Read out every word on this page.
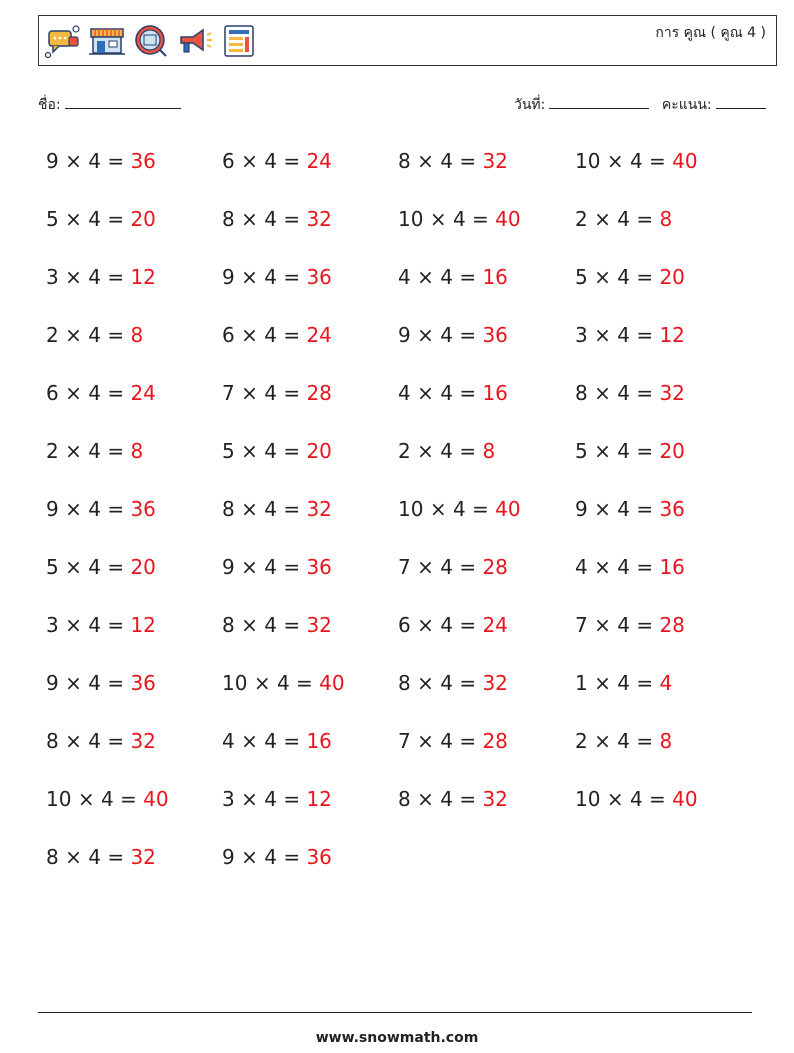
การ คูณ ( คูณ 4 )
ชื่อ:	วันที่:	คะแนน:
9 × 4 = 36	6 × 4 = 24	8 × 4 = 32	10 × 4 = 40
5 × 4 = 20	8 × 4 = 32	10 × 4 = 40	2 × 4 = 8
3 × 4 = 12	9 × 4 = 36	4 × 4 = 16	5 × 4 = 20
2 × 4 = 8	6 × 4 = 24	9 × 4 = 36	3 × 4 = 12
6 × 4 = 24	7 × 4 = 28	4 × 4 = 16	8 × 4 = 32
2 × 4 = 8	5 × 4 = 20	2 × 4 = 8	5 × 4 = 20
9 × 4 = 36	8 × 4 = 32	10 × 4 = 40	9 × 4 = 36
5 × 4 = 20	9 × 4 = 36	7 × 4 = 28	4 × 4 = 16
3 × 4 = 12	8 × 4 = 32	6 × 4 = 24	7 × 4 = 28
9 × 4 = 36	10 × 4 = 40	8 × 4 = 32	1 × 4 = 4
8 × 4 = 32	4 × 4 = 16	7 × 4 = 28	2 × 4 = 8
10 × 4 = 40	3 × 4 = 12	8 × 4 = 32	10 × 4 = 40
8 × 4 = 32	9 × 4 = 36
www.snowmath.com
